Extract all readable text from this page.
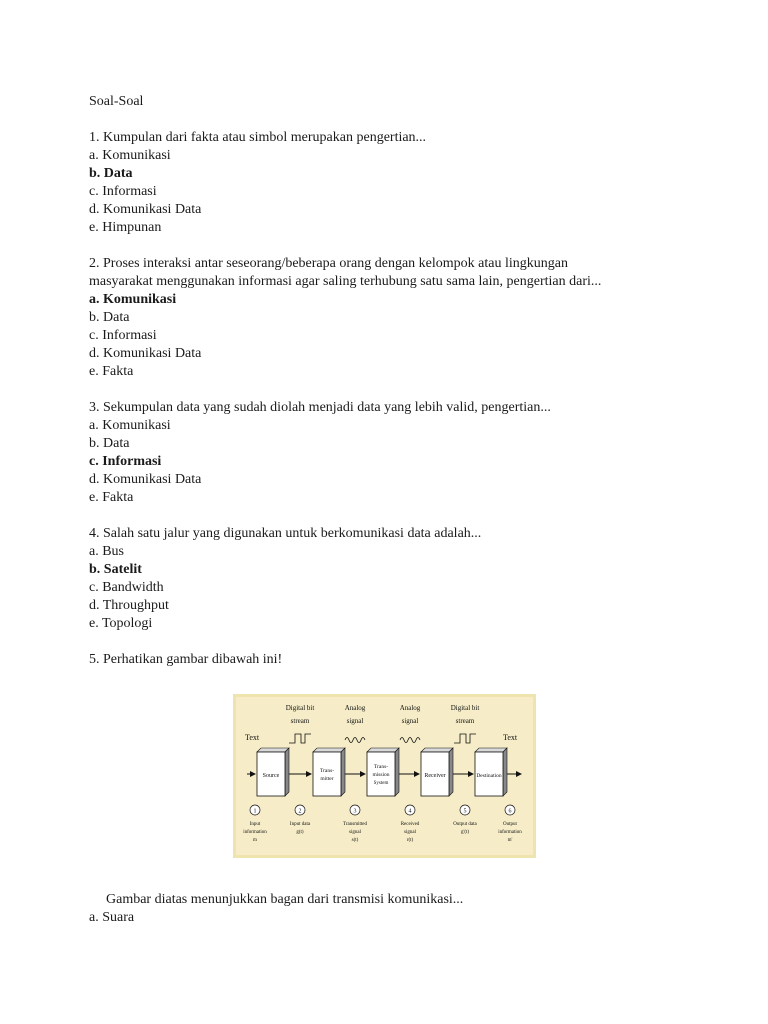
Soal-Soal
1. Kumpulan dari fakta atau simbol merupakan pengertian...
a. Komunikasi
b. Data
c. Informasi
d. Komunikasi Data
e. Himpunan
2. Proses interaksi antar seseorang/beberapa orang dengan kelompok atau lingkungan
masyarakat menggunakan informasi agar saling terhubung satu sama lain, pengertian dari...
a. Komunikasi
b. Data
c. Informasi
d. Komunikasi Data
e. Fakta
3. Sekumpulan data yang sudah diolah menjadi data yang lebih valid, pengertian...
a. Komunikasi
b. Data
c. Informasi
d. Komunikasi Data
e. Fakta
4. Salah satu jalur yang digunakan untuk berkomunikasi data adalah...
a. Bus
b. Satelit
c. Bandwidth
d. Throughput
e. Topologi
5. Perhatikan gambar dibawah ini!
Digital bit
stream
Analog
signal
Analog
signal
Digital bit
stream
Text	Text
Source
Trans-
mitter
Trans-
mission
System
Receiver	Destination
1
Input
information
m
2
Input data
g(t)
3
Transmitted
signal
s(t)
4
Received
signal
r(t)
5
Output data
g'(t)
6
Output
information
m'
Gambar diatas menunjukkan bagan dari transmisi komunikasi...
a. Suara
